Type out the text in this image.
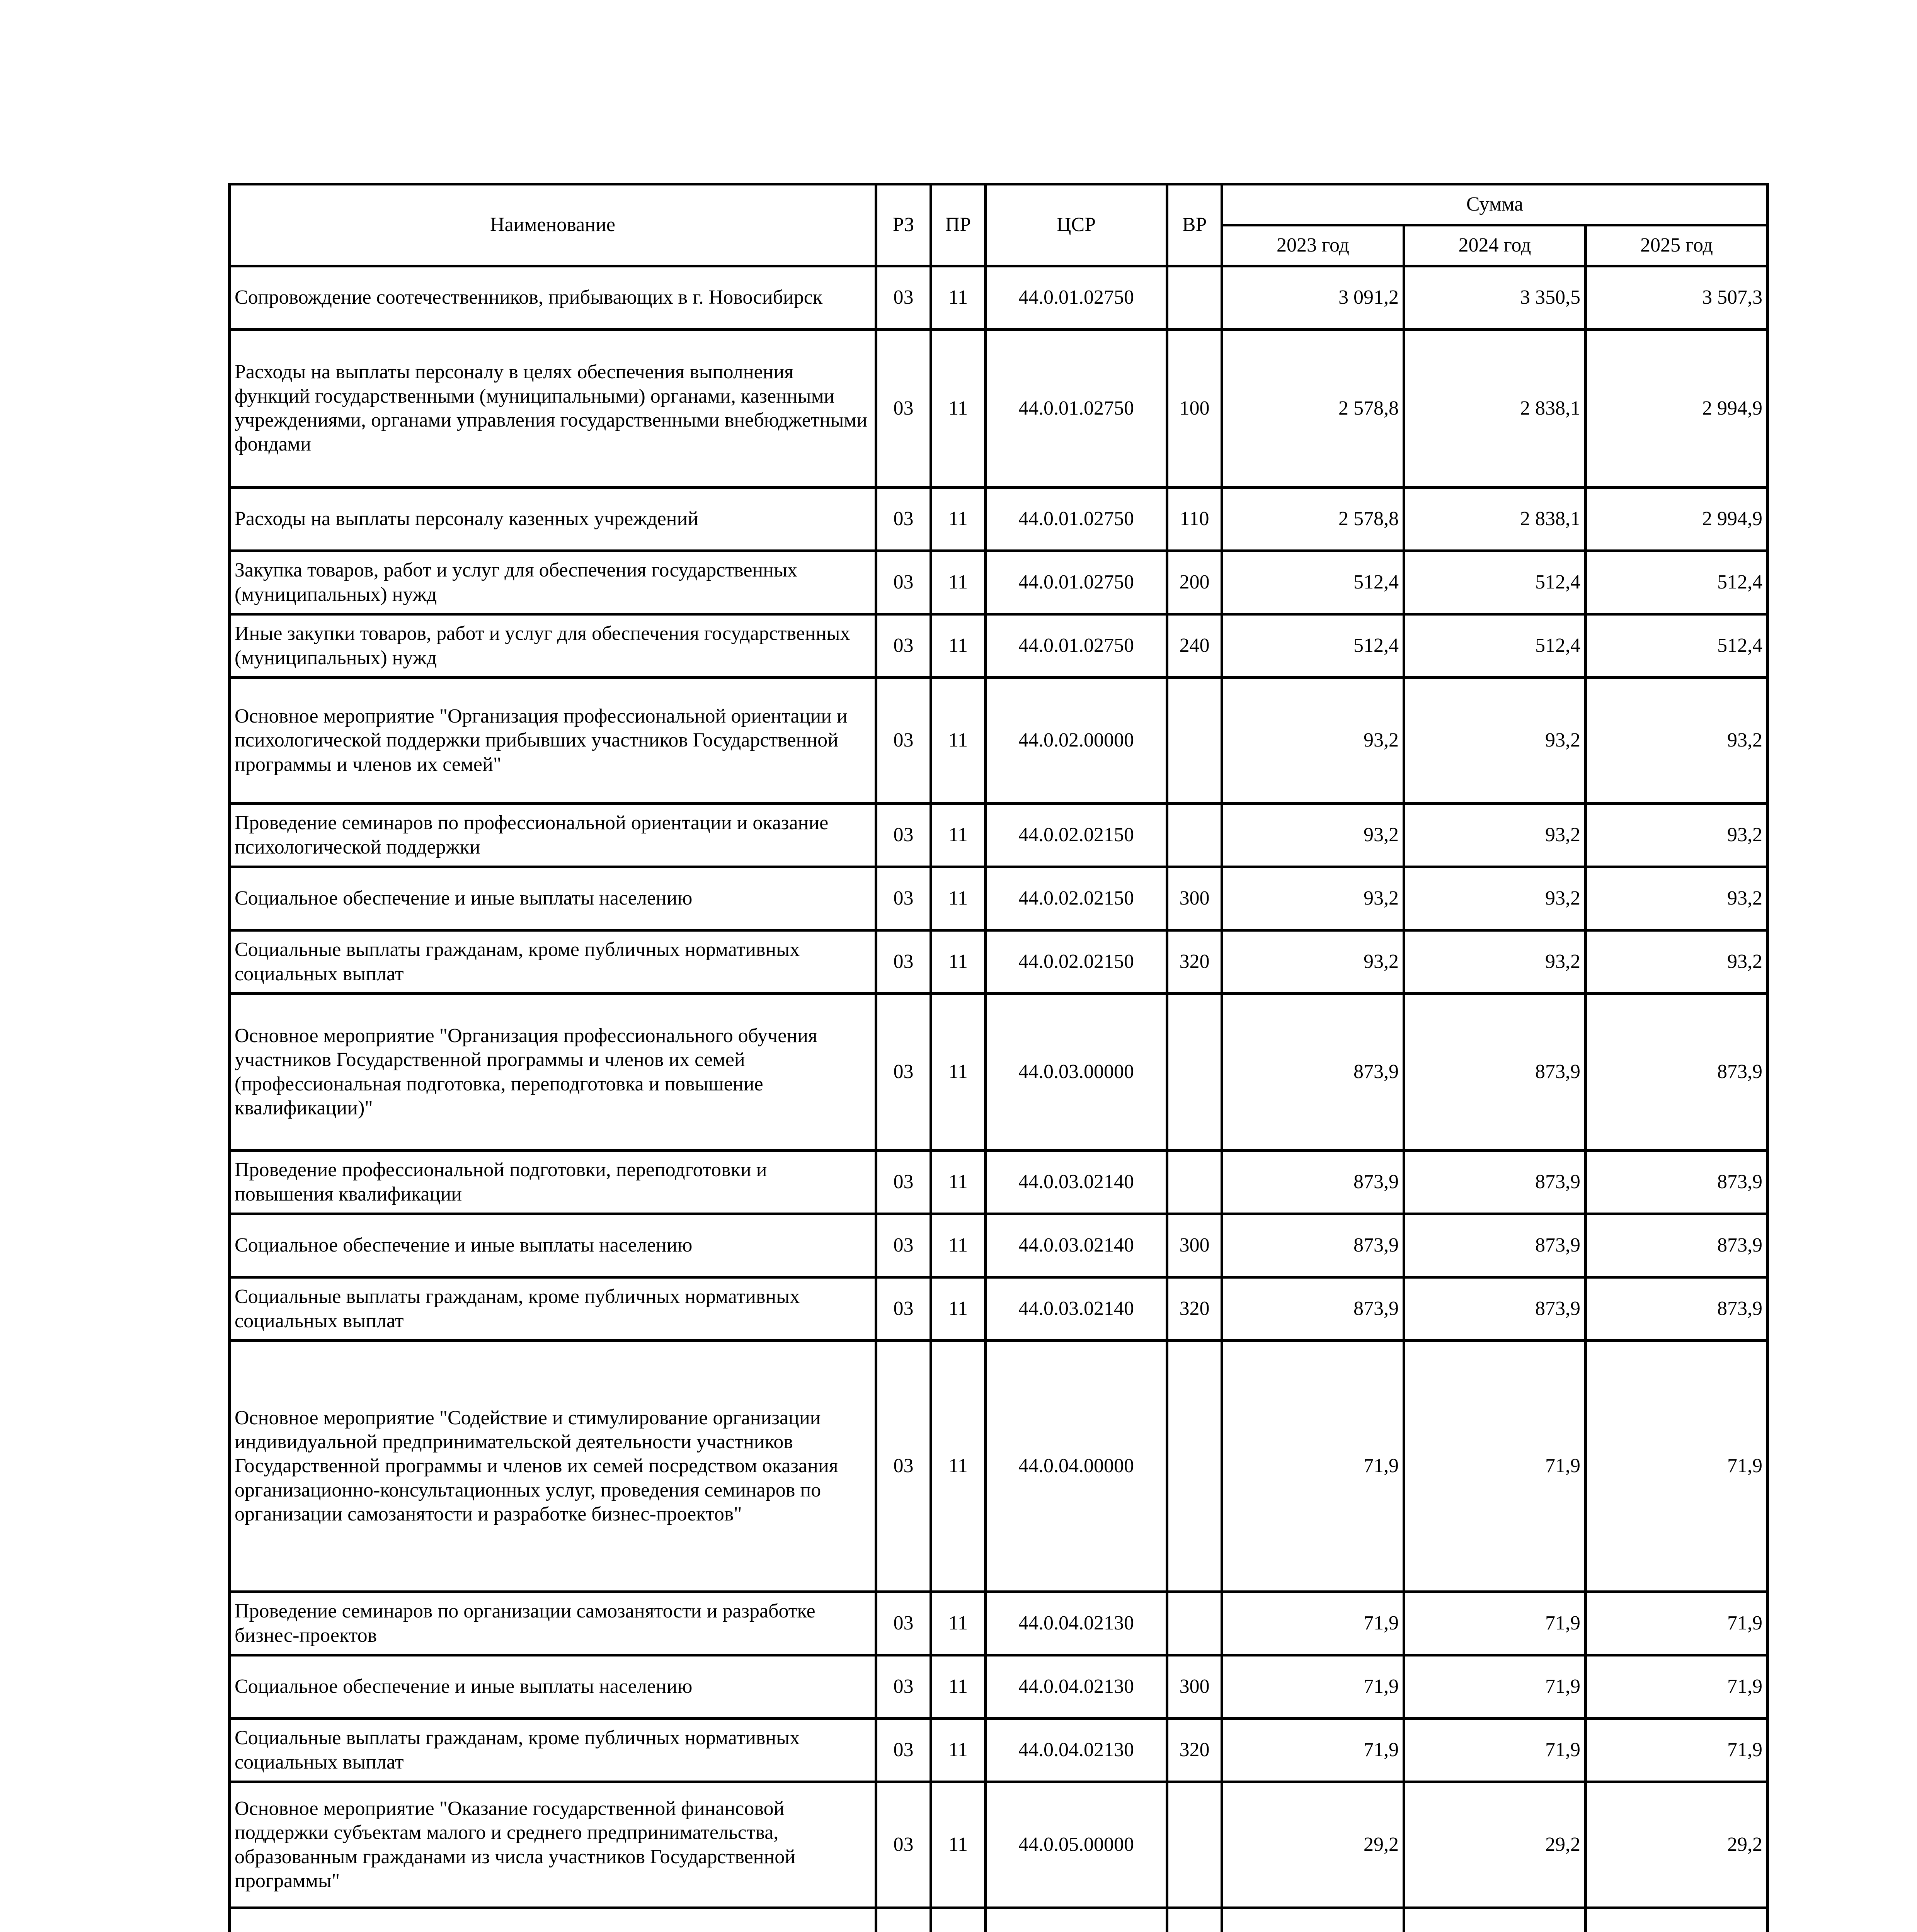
Наименование	РЗ	ПР	ЦСР	ВР	Сумма		
					2023 год	2024 год	2025 год
Сопровождение соотечественников, прибывающих в г. Новосибирск	03	11	44.0.01.02750		3 091,2	3 350,5	3 507,3
Расходы на выплаты персоналу в целях обеспечения выполнения функций государственными (муниципальными) органами, казенными учреждениями, органами управления государственными внебюджетными фондами	03	11	44.0.01.02750	100	2 578,8	2 838,1	2 994,9
Расходы на выплаты персоналу казенных учреждений	03	11	44.0.01.02750	110	2 578,8	2 838,1	2 994,9
Закупка товаров, работ и услуг для обеспечения государственных (муниципальных) нужд	03	11	44.0.01.02750	200	512,4	512,4	512,4
Иные закупки товаров, работ и услуг для обеспечения государственных (муниципальных) нужд	03	11	44.0.01.02750	240	512,4	512,4	512,4
Основное мероприятие "Организация профессиональной ориентации и психологической поддержки прибывших участников Государственной программы и членов их семей"	03	11	44.0.02.00000		93,2	93,2	93,2
Проведение семинаров по профессиональной ориентации и оказание психологической поддержки	03	11	44.0.02.02150		93,2	93,2	93,2
Социальное обеспечение и иные выплаты населению	03	11	44.0.02.02150	300	93,2	93,2	93,2
Социальные выплаты гражданам, кроме публичных нормативных социальных выплат	03	11	44.0.02.02150	320	93,2	93,2	93,2
Основное мероприятие "Организация профессионального обучения участников Государственной программы и членов их семей (профессиональная подготовка, переподготовка и повышение квалификации)"	03	11	44.0.03.00000		873,9	873,9	873,9
Проведение профессиональной подготовки, переподготовки и повышения квалификации	03	11	44.0.03.02140		873,9	873,9	873,9
Социальное обеспечение и иные выплаты населению	03	11	44.0.03.02140	300	873,9	873,9	873,9
Социальные выплаты гражданам, кроме публичных нормативных социальных выплат	03	11	44.0.03.02140	320	873,9	873,9	873,9
Основное мероприятие "Содействие и стимулирование организации индивидуальной предпринимательской деятельности участников Государственной программы и членов их семей посредством оказания организационно-консультационных услуг, проведения семинаров по организации самозанятости и разработке бизнес-проектов"	03	11	44.0.04.00000		71,9	71,9	71,9
Проведение семинаров по организации самозанятости и разработке бизнес-проектов	03	11	44.0.04.02130		71,9	71,9	71,9
Социальное обеспечение и иные выплаты населению	03	11	44.0.04.02130	300	71,9	71,9	71,9
Социальные выплаты гражданам, кроме публичных нормативных социальных выплат	03	11	44.0.04.02130	320	71,9	71,9	71,9
Основное мероприятие "Оказание государственной финансовой поддержки субъектам малого и среднего предпринимательства, образованным гражданами из числа участников Государственной программы"	03	11	44.0.05.00000		29,2	29,2	29,2
